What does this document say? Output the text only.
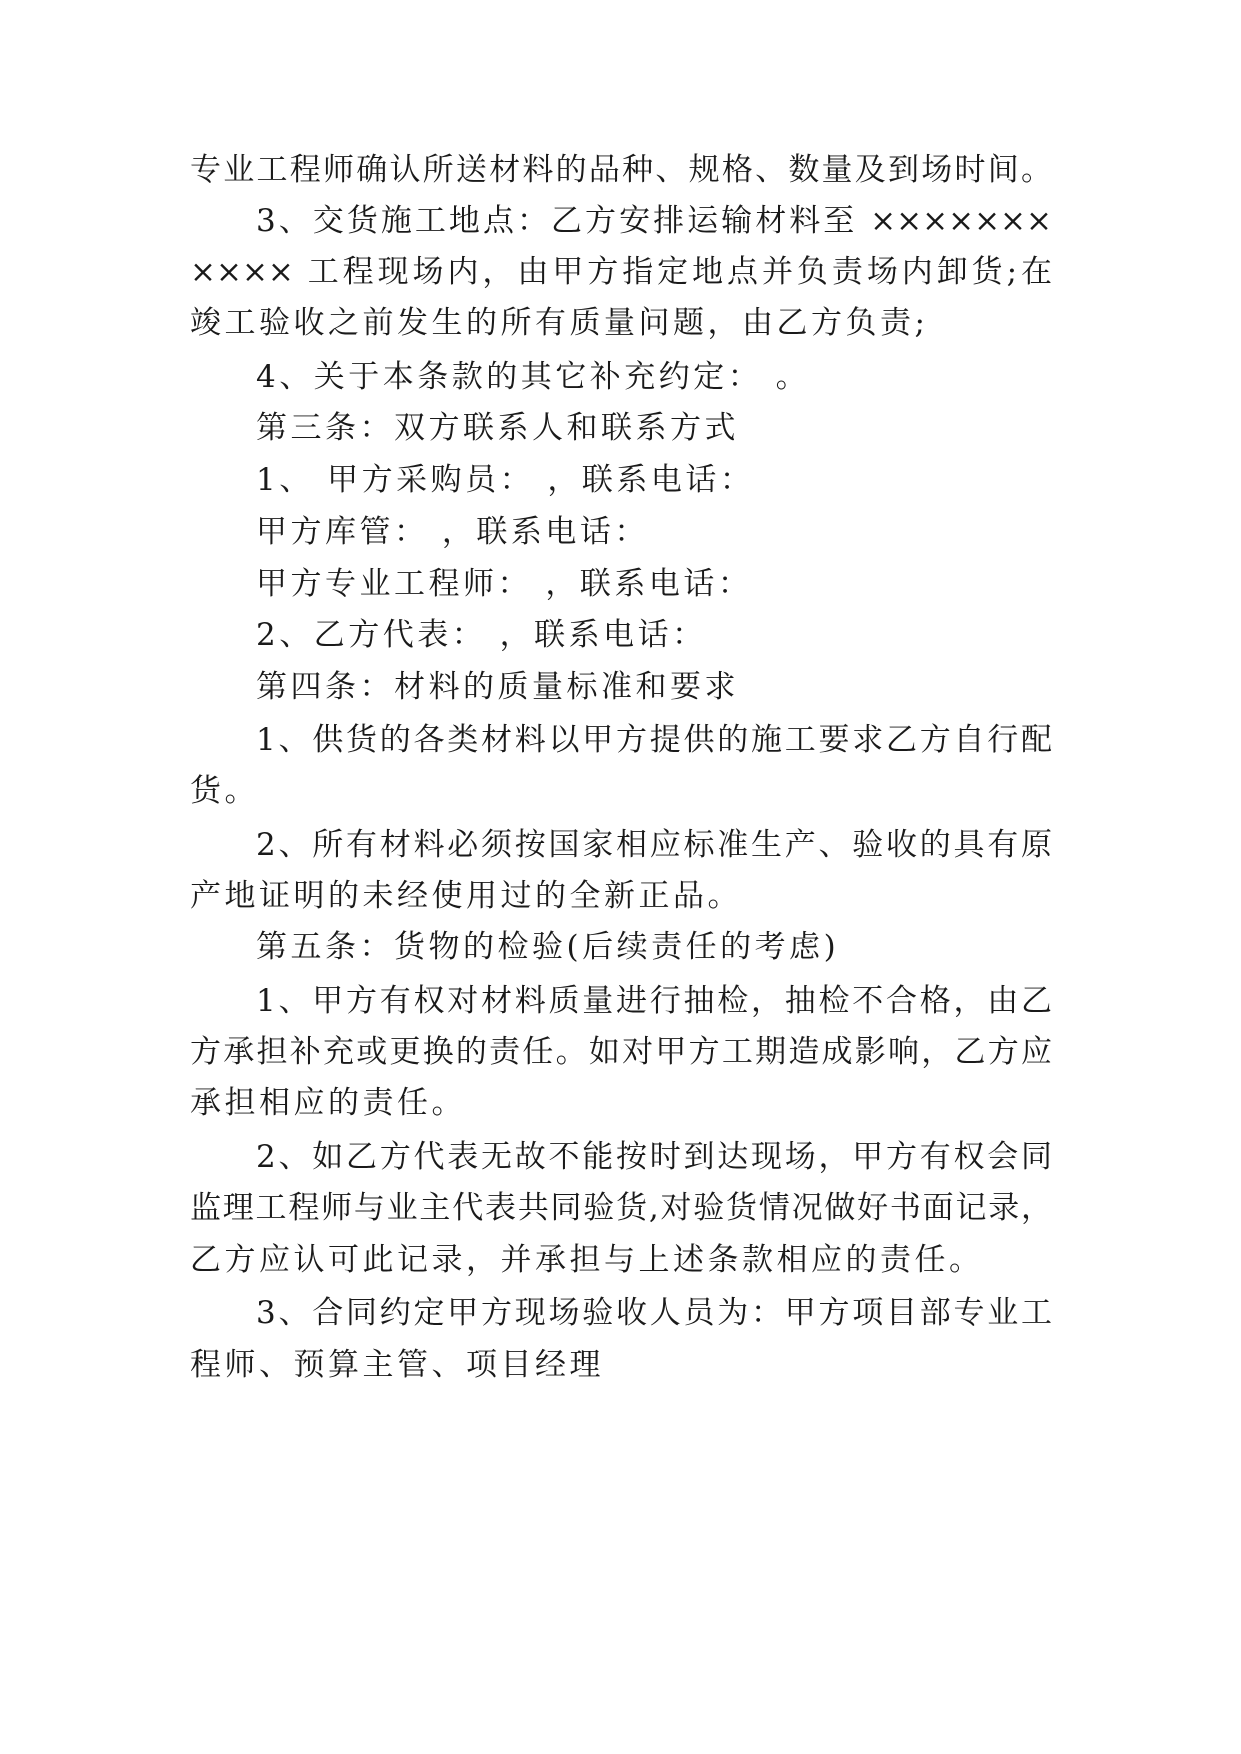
专业工程师确认所送材料的品种、规格、数量及到场时间。
3、交货施工地点：乙方安排运输材料至 ×××××××
×××× 工程现场内，由甲方指定地点并负责场内卸货;在
竣工验收之前发生的所有质量问题，由乙方负责;
4、关于本条款的其它补充约定： 。
第三条：双方联系人和联系方式
1、 甲方采购员： ，联系电话：
甲方库管： ，联系电话：
甲方专业工程师： ，联系电话：
2、乙方代表： ，联系电话：
第四条：材料的质量标准和要求
1、供货的各类材料以甲方提供的施工要求乙方自行配
货。
2、所有材料必须按国家相应标准生产、验收的具有原
产地证明的未经使用过的全新正品。
第五条：货物的检验(后续责任的考虑)
1、甲方有权对材料质量进行抽检，抽检不合格，由乙
方承担补充或更换的责任。如对甲方工期造成影响，乙方应
承担相应的责任。
2、如乙方代表无故不能按时到达现场，甲方有权会同
监理工程师与业主代表共同验货,对验货情况做好书面记录，
乙方应认可此记录，并承担与上述条款相应的责任。
3、合同约定甲方现场验收人员为：甲方项目部专业工
程师、预算主管、项目经理
